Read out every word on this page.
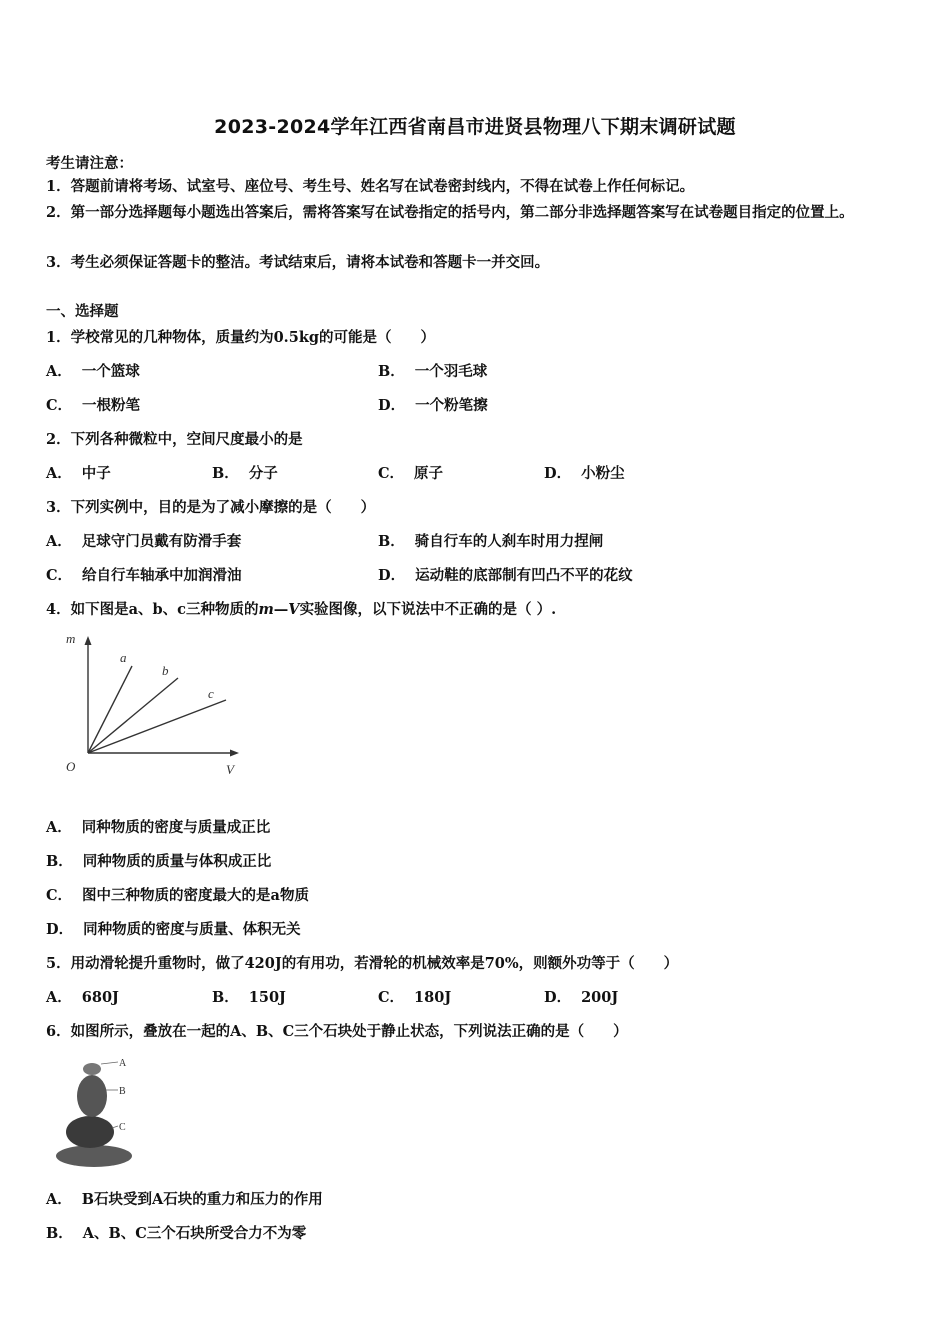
2023-2024学年江西省南昌市进贤县物理八下期末调研试题
考生请注意：
1．答题前请将考场、试室号、座位号、考生号、姓名写在试卷密封线内，不得在试卷上作任何标记。
2．第一部分选择题每小题选出答案后，需将答案写在试卷指定的括号内，第二部分非选择题答案写在试卷题目指定的位置上。
3．考生必须保证答题卡的整洁。考试结束后，请将本试卷和答题卡一并交回。
一、选择题
1．学校常见的几种物体，质量约为0.5kg的可能是（　　）
A． 一个篮球	B． 一个羽毛球
C． 一根粉笔	D． 一个粉笔擦
2．下列各种微粒中，空间尺度最小的是
A． 中子	B． 分子	C． 原子	D． 小粉尘
3．下列实例中，目的是为了减小摩擦的是（　　）
A． 足球守门员戴有防滑手套	B． 骑自行车的人刹车时用力捏闸
C． 给自行车轴承中加润滑油	D． 运动鞋的底部制有凹凸不平的花纹
4．如下图是a、b、c三种物质的m—V实验图像，以下说法中不正确的是（ ）.
m
V
O
a
b
c
A． 同种物质的密度与质量成正比
B． 同种物质的质量与体积成正比
C． 图中三种物质的密度最大的是a物质
D． 同种物质的密度与质量、体积无关
5．用动滑轮提升重物时，做了420J的有用功，若滑轮的机械效率是70%，则额外功等于（　　）
A． 680J	B． 150J	C． 180J	D． 200J
6．如图所示，叠放在一起的A、B、C三个石块处于静止状态，下列说法正确的是（　　）
A
B
C
A． B石块受到A石块的重力和压力的作用
B． A、B、C三个石块所受合力不为零
